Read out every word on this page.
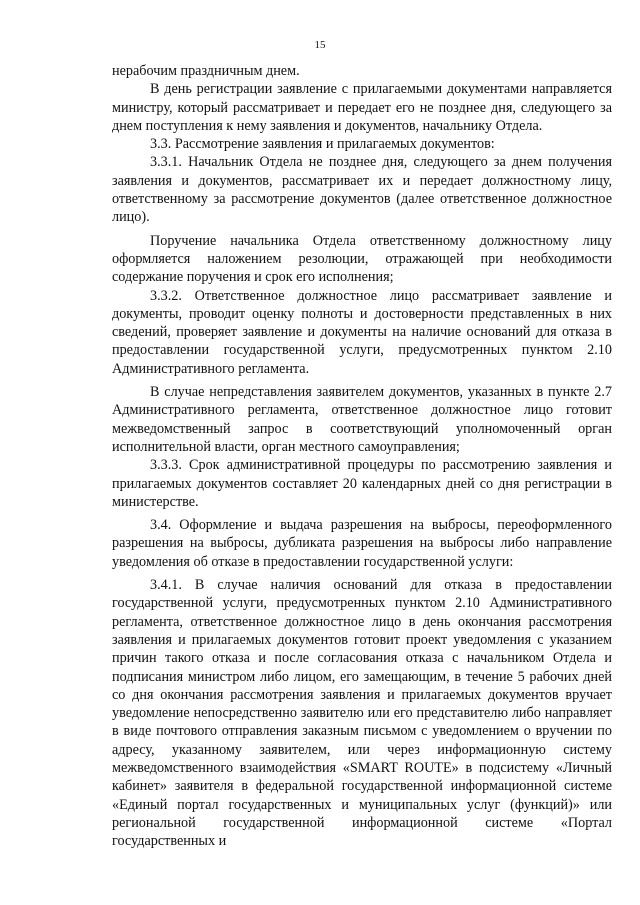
15

нерабочим праздничным днем.

В день регистрации заявление с прилагаемыми документами направляется министру, который рассматривает и передает его не позднее дня, следующего за днем поступления к нему заявления и документов, начальнику Отдела.

3.3. Рассмотрение заявления и прилагаемых документов:

3.3.1. Начальник Отдела не позднее дня, следующего за днем получения заявления и документов, рассматривает их и передает должностному лицу, ответственному за рассмотрение документов (далее ответственное должностное лицо).

Поручение начальника Отдела ответственному должностному лицу оформляется наложением резолюции, отражающей при необходимости содержание поручения и срок его исполнения;

3.3.2. Ответственное должностное лицо рассматривает заявление и документы, проводит оценку полноты и достоверности представленных в них сведений, проверяет заявление и документы на наличие оснований для отказа в предоставлении государственной услуги, предусмотренных пунктом 2.10 Административного регламента.

В случае непредставления заявителем документов, указанных в пункте 2.7 Административного регламента, ответственное должностное лицо готовит межведомственный запрос в соответствующий уполномоченный орган исполнительной власти, орган местного самоуправления;

3.3.3. Срок административной процедуры по рассмотрению заявления и прилагаемых документов составляет 20 календарных дней со дня регистрации в министерстве.

3.4. Оформление и выдача разрешения на выбросы, переоформленного разрешения на выбросы, дубликата разрешения на выбросы либо направление уведомления об отказе в предоставлении государственной услуги:

3.4.1. В случае наличия оснований для отказа в предоставлении государственной услуги, предусмотренных пунктом 2.10 Административного регламента, ответственное должностное лицо в день окончания рассмотрения заявления и прилагаемых документов готовит проект уведомления с указанием причин такого отказа и после согласования отказа с начальником Отдела и подписания министром либо лицом, его замещающим, в течение 5 рабочих дней со дня окончания рассмотрения заявления и прилагаемых документов вручает уведомление непосредственно заявителю или его представителю либо направляет в виде почтового отправления заказным письмом с уведомлением о вручении по адресу, указанному заявителем, или через информационную систему межведомственного взаимодействия «SMART ROUTE» в подсистему «Личный кабинет» заявителя в федеральной государственной информационной системе «Единый портал государственных и муниципальных услуг (функций)» или региональной государственной информационной системе «Портал государственных и
